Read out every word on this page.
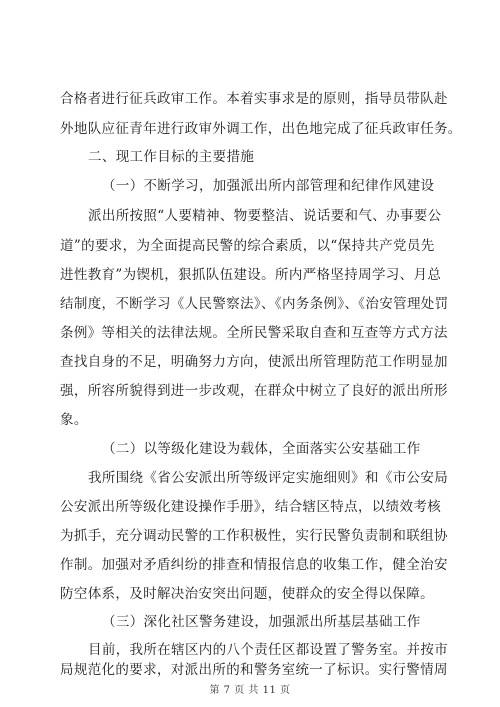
合格者进行征兵政审工作。本着实事求是的原则，指导员带队赴
外地队应征青年进行政审外调工作，出色地完成了征兵政审任务。
二、现工作目标的主要措施
（一）不断学习，加强派出所内部管理和纪律作风建设
派出所按照“人要精神、物要整洁、说话要和气、办事要公
道”的要求，为全面提高民警的综合素质，以“保持共产党员先
进性教育”为锲机，狠抓队伍建设。所内严格坚持周学习、月总
结制度，不断学习《人民警察法》、《内务条例》、《治安管理处罚
条例》等相关的法律法规。全所民警采取自查和互查等方式方法
查找自身的不足，明确努力方向，使派出所管理防范工作明显加
强，所容所貌得到进一步改观，在群众中树立了良好的派出所形
象。
（二）以等级化建设为载体，全面落实公安基础工作
我所围绕《省公安派出所等级评定实施细则》和《市公安局
公安派出所等级化建设操作手册》，结合辖区特点，以绩效考核
为抓手，充分调动民警的工作积极性，实行民警负责制和联组协
作制。加强对矛盾纠纷的排查和情报信息的收集工作，健全治安
防空体系，及时解决治安突出问题，使群众的安全得以保障。
（三）深化社区警务建设，加强派出所基层基础工作
目前，我所在辖区内的八个责任区都设置了警务室。并按市
局规范化的要求，对派出所的和警务室统一了标识。实行警情周
第 7 页 共 11 页
